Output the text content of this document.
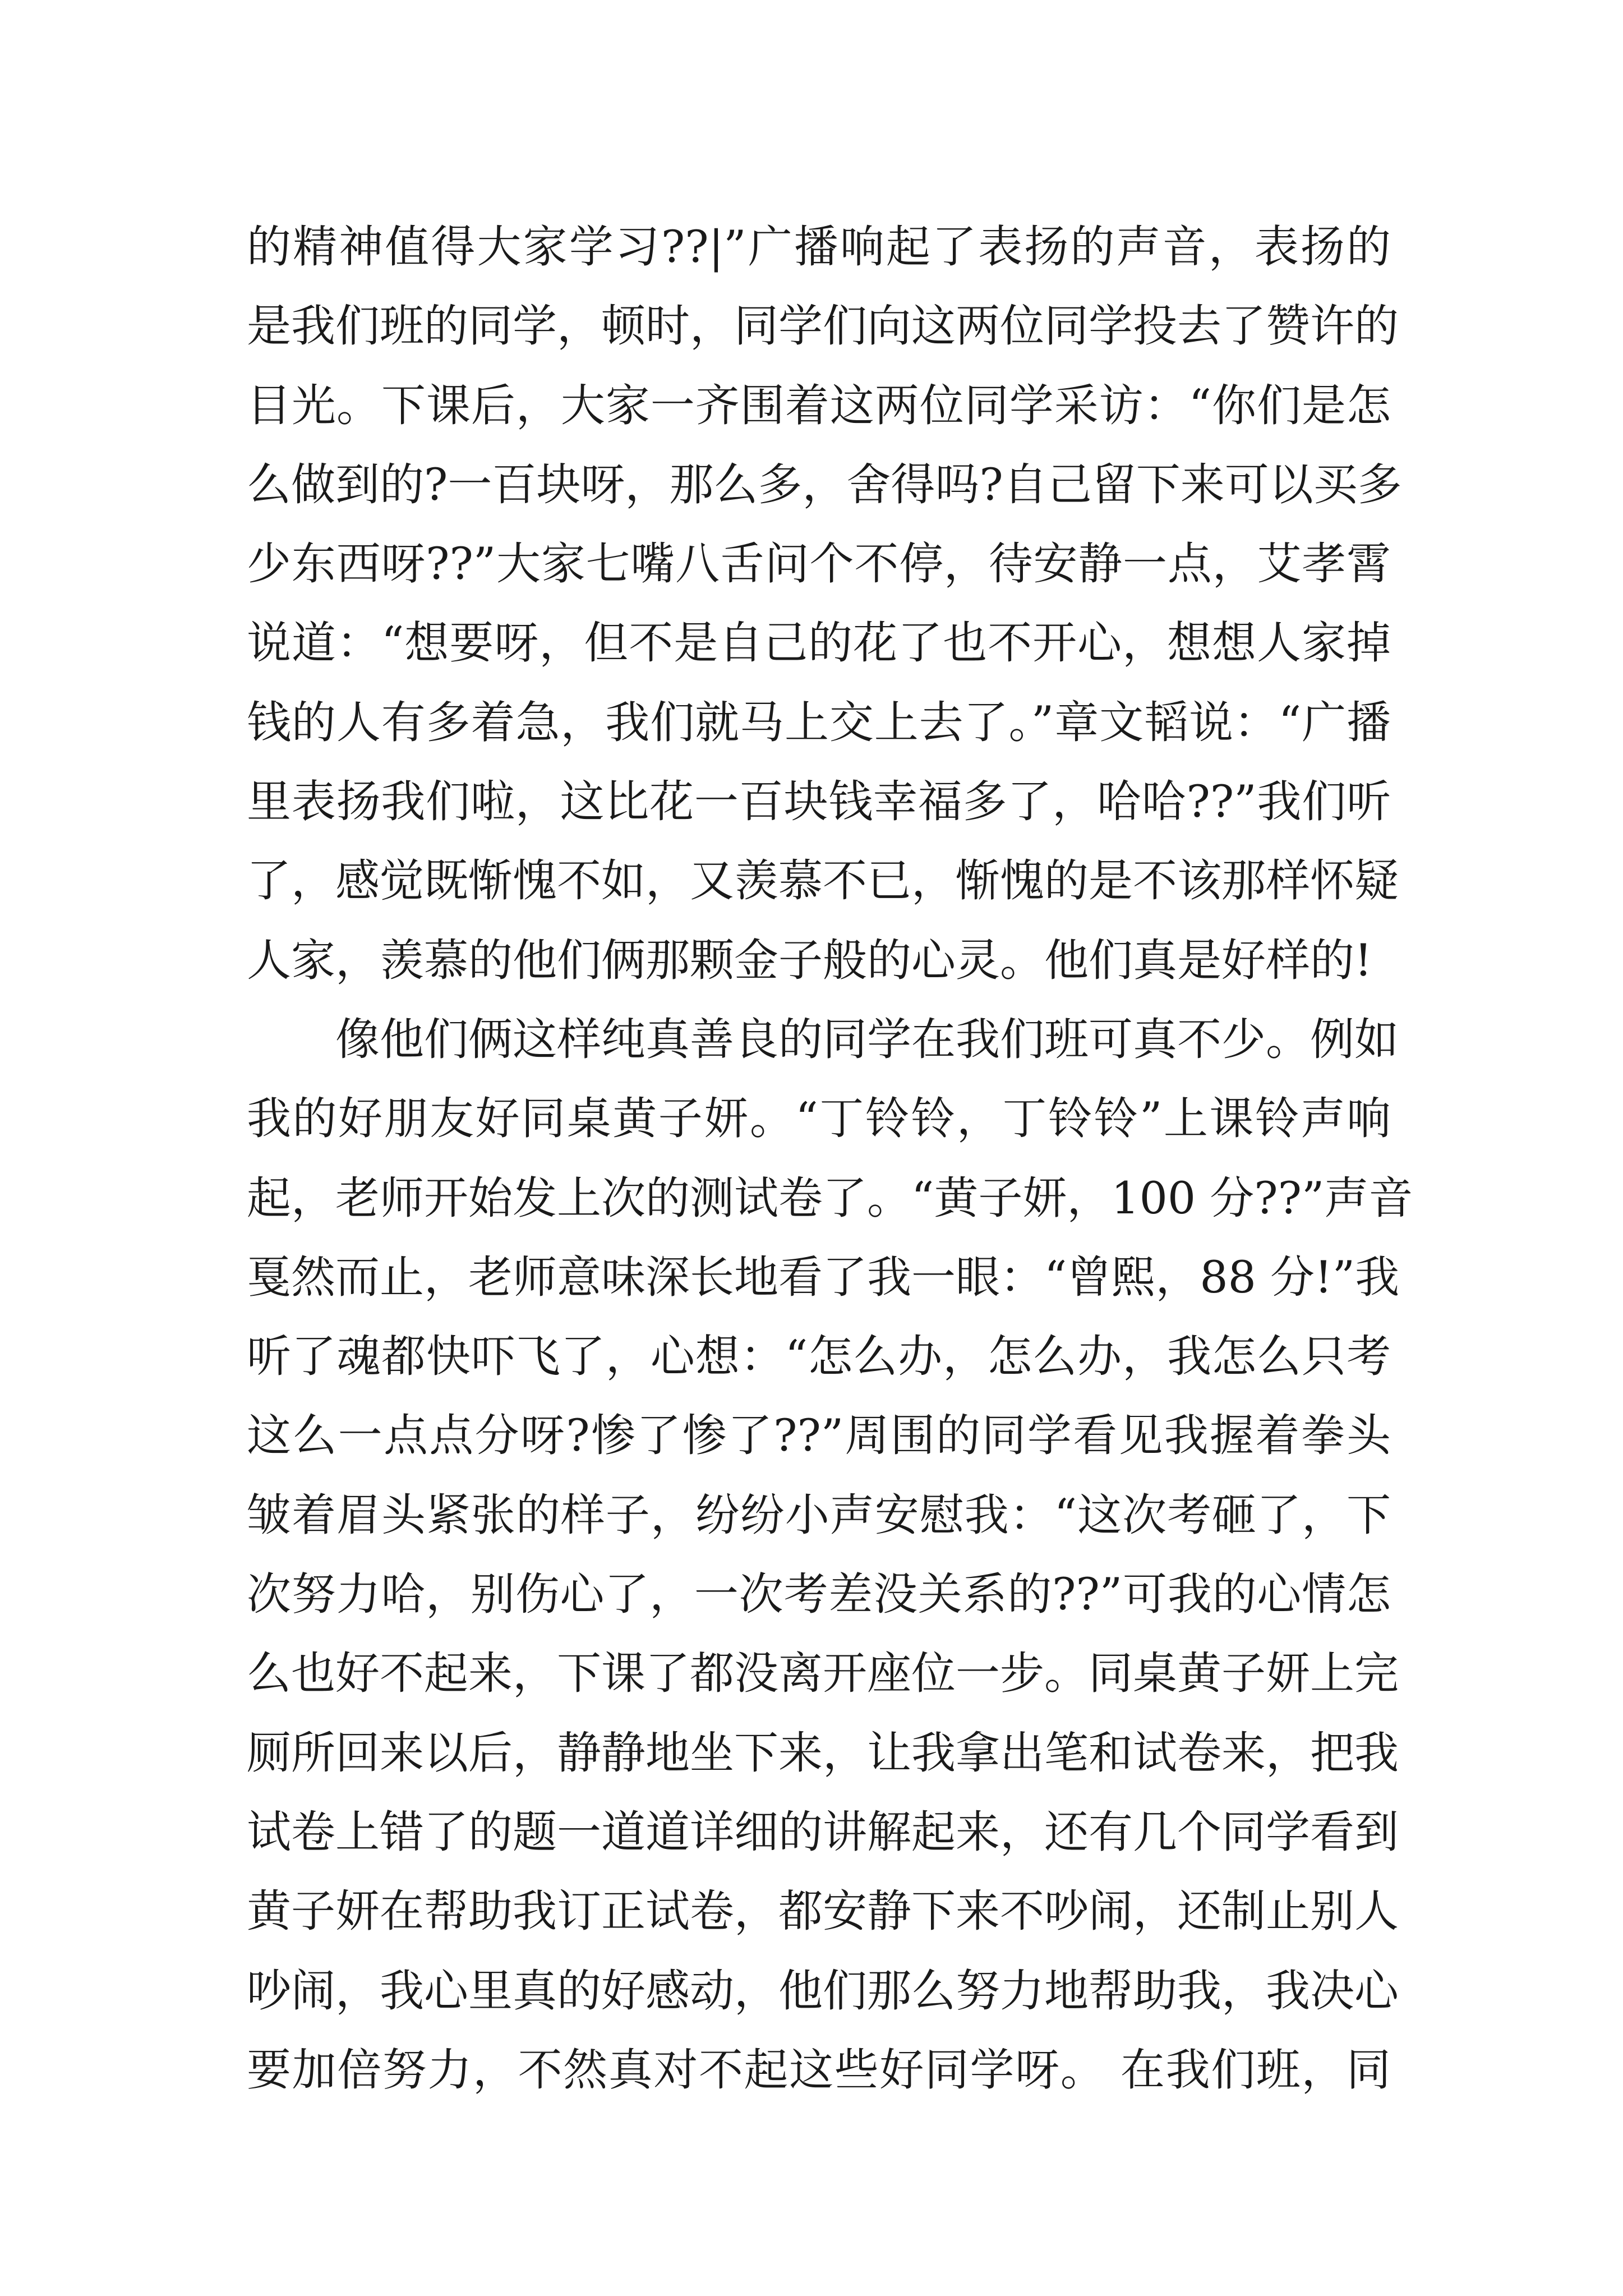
的精神值得大家学习??|”广播响起了表扬的声音，表扬的
是我们班的同学，顿时，同学们向这两位同学投去了赞许的
目光。下课后，大家一齐围着这两位同学采访：“你们是怎
么做到的?一百块呀，那么多，舍得吗?自己留下来可以买多
少东西呀??”大家七嘴八舌问个不停，待安静一点，艾孝霄
说道：“想要呀，但不是自己的花了也不开心，想想人家掉
钱的人有多着急，我们就马上交上去了。”章文韬说：“广播
里表扬我们啦，这比花一百块钱幸福多了，哈哈??”我们听
了，感觉既惭愧不如，又羡慕不已，惭愧的是不该那样怀疑
人家，羡慕的他们俩那颗金子般的心灵。他们真是好样的!
像他们俩这样纯真善良的同学在我们班可真不少。例如
我的好朋友好同桌黄子妍。“丁铃铃，丁铃铃”上课铃声响
起，老师开始发上次的测试卷了。“黄子妍，100 分??”声音
戛然而止，老师意味深长地看了我一眼：“曾熙，88 分!”我
听了魂都快吓飞了，心想：“怎么办，怎么办，我怎么只考
这么一点点分呀?惨了惨了??”周围的同学看见我握着拳头
皱着眉头紧张的样子，纷纷小声安慰我：“这次考砸了，下
次努力哈，别伤心了，一次考差没关系的??”可我的心情怎
么也好不起来，下课了都没离开座位一步。同桌黄子妍上完
厕所回来以后，静静地坐下来，让我拿出笔和试卷来，把我
试卷上错了的题一道道详细的讲解起来，还有几个同学看到
黄子妍在帮助我订正试卷，都安静下来不吵闹，还制止别人
吵闹，我心里真的好感动，他们那么努力地帮助我，我决心
要加倍努力，不然真对不起这些好同学呀。 在我们班，同
